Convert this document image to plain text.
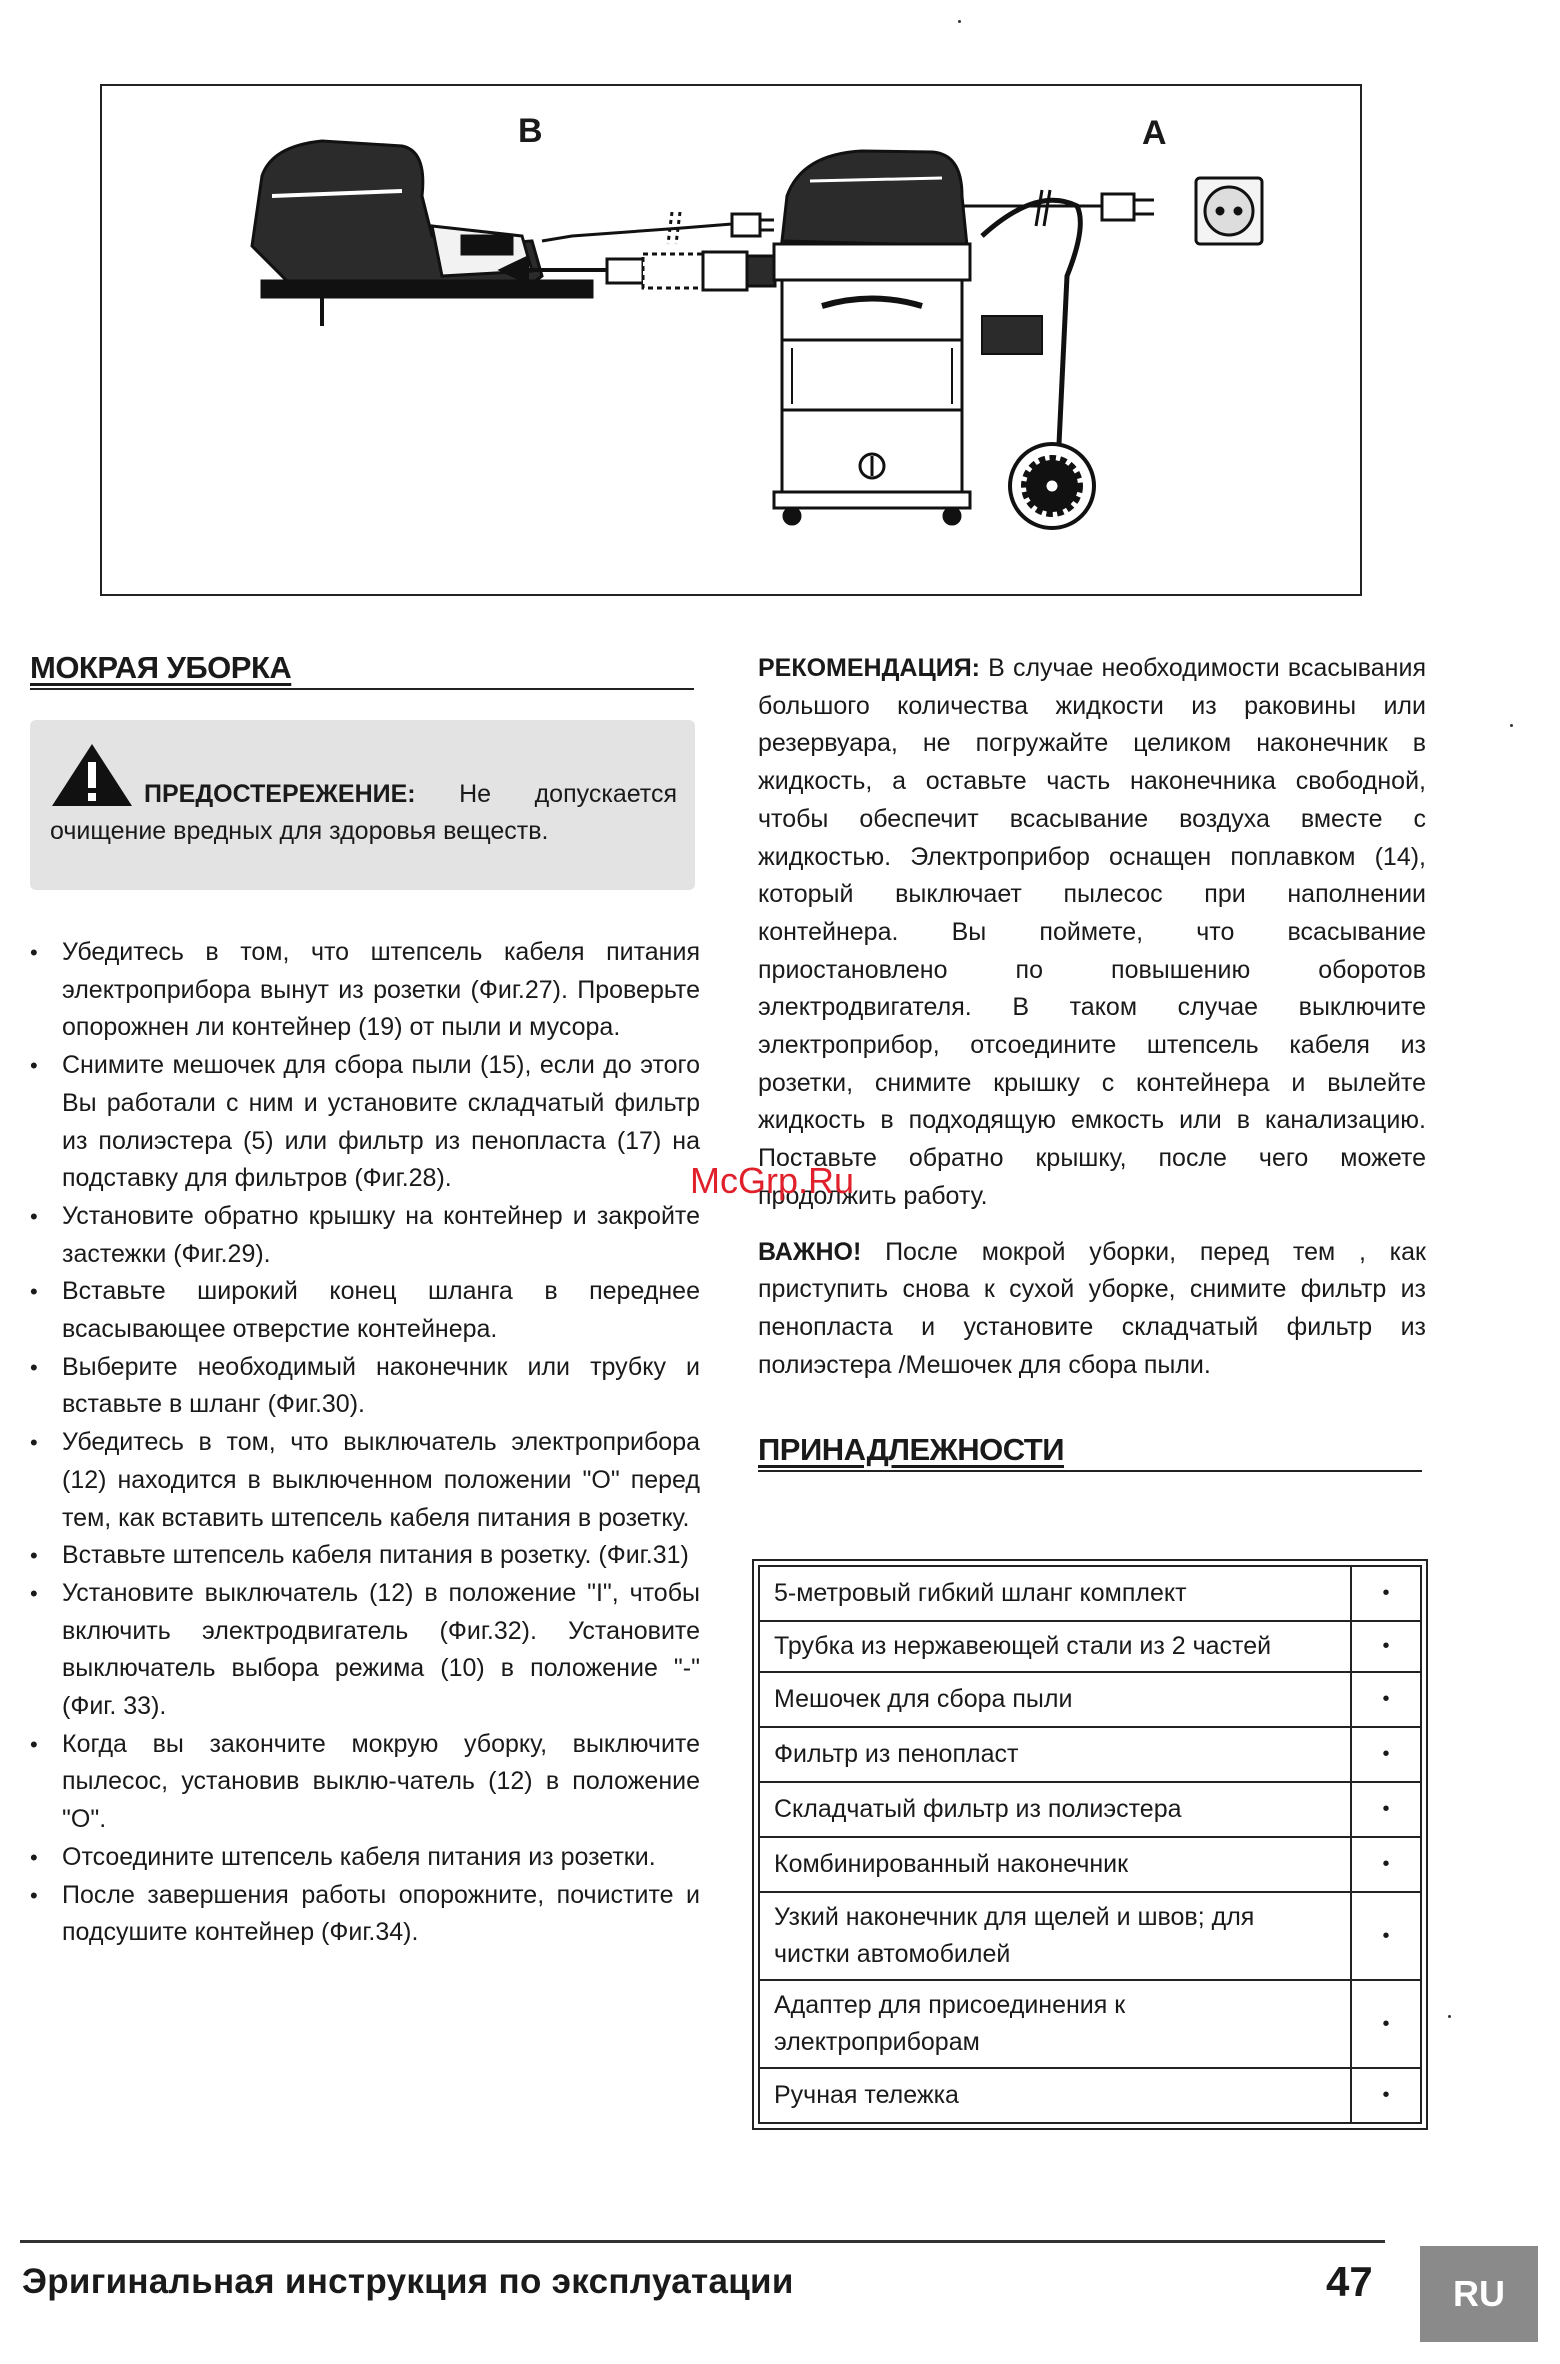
B	A
МОКРАЯ УБОРКА
ПРЕДОСТЕРЕЖЕНИЕ: Не допускается очищение вредных для здоровья веществ.
• Убедитесь в том, что штепсель кабеля питания электроприбора вынут из розетки (Фиг.27). Проверьте опорожнен ли контейнер (19) от пыли и мусора.
• Снимите мешочек для сбора пыли (15), если до этого Вы работали с ним и установите складчатый фильтр из полиэстера (5) или фильтр из пенопласта (17) на подставку для фильтров (Фиг.28).
• Установите обратно крышку на контейнер и закройте застежки (Фиг.29).
• Вставьте широкий конец шланга в переднее всасывающее отверстие контейнера.
• Выберите необходимый наконечник или трубку и вставьте в шланг (Фиг.30).
• Убедитесь в том, что выключатель электроприбора (12) находится в выключенном положении "O" перед тем, как вставить штепсель кабеля питания в розетку.
• Вставьте штепсель кабеля питания в розетку. (Фиг.31)
• Установите выключатель (12) в положение "I", чтобы включить электродвигатель (Фиг.32). Установите выключатель выбора режима (10) в положение "-" (Фиг. 33).
• Когда вы закончите мокрую уборку, выключите пылесос, установив выклю-чатель (12) в положение "O".
• Отсоедините штепсель кабеля питания из розетки.
• После завершения работы опорожните, почистите и подсушите контейнер (Фиг.34).

РЕКОМЕНДАЦИЯ: В случае необходимости всасывания большого количества жидкости из раковины или резервуара, не погружайте целиком наконечник в жидкость, а оставьте часть наконечника свободной, чтобы обеспечит всасывание воздуха вместе с жидкостью. Электроприбор оснащен поплавком (14), который выключает пылесос при наполнении контейнера. Вы поймете, что всасывание приостановлено по повышению оборотов электродвигателя. В таком случае выключите электроприбор, отсоедините штепсель кабеля из розетки, снимите крышку с контейнера и вылейте жидкость в подходящую емкость или в канализацию. Поставьте обратно крышку, после чего можете продолжить работу.

ВАЖНО! После мокрой уборки, перед тем , как приступить снова к сухой уборке, снимите фильтр из пенопласта и установите складчатый фильтр из полиэстера /Мешочек для сбора пыли.

ПРИНАДЛЕЖНОСТИ
5-метровый гибкий шланг комплект	•
Трубка из нержавеющей стали из 2 частей	•
Мешочек для сбора пыли	•
Фильтр из пенопласт	•
Складчатый фильтр из полиэстера	•
Комбинированный наконечник	•
Узкий наконечник для щелей и швов; для чистки автомобилей	•
Адаптер для присоединения к электроприборам	•
Ручная тележка	•
McGrp.Ru
Эригинальная инструкция по эксплуатации	47	RU
